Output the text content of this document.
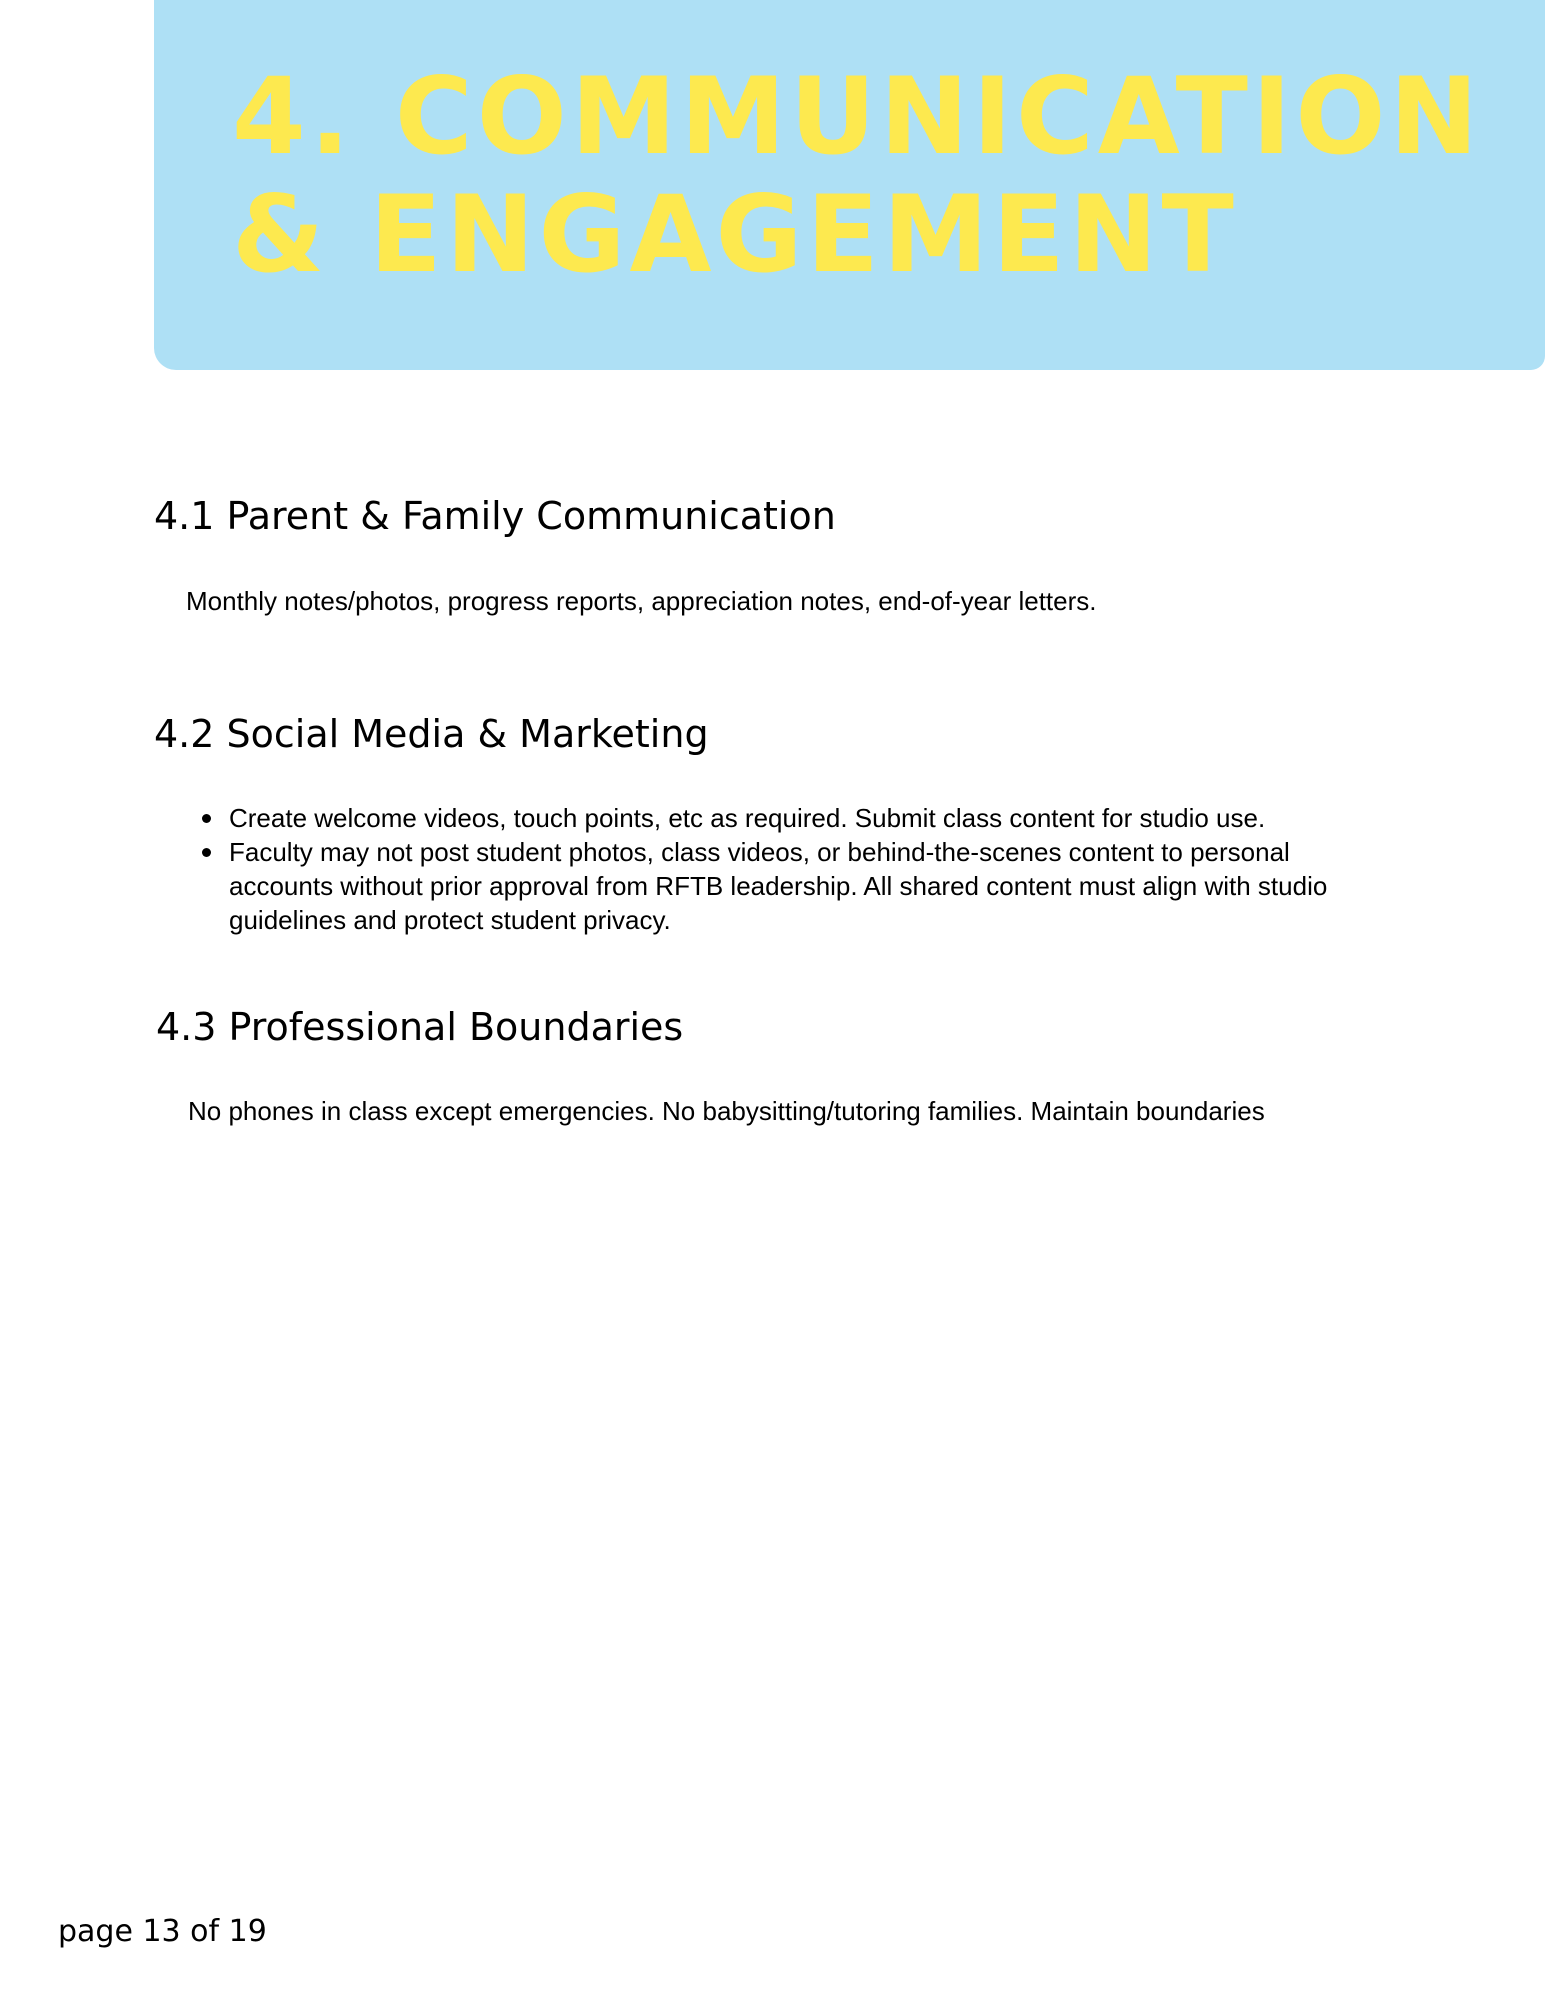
4. COMMUNICATION & ENGAGEMENT
4.1 Parent & Family Communication

Monthly notes/photos, progress reports, appreciation notes, end-of-year letters.

4.2 Social Media & Marketing
Create welcome videos, touch points, etc as required. Submit class content for studio use.
Faculty may not post student photos, class videos, or behind-the-scenes content to personal accounts without prior approval from RFTB leadership. All shared content must align with studio guidelines and protect student privacy.
4.3 Professional Boundaries

No phones in class except emergencies. No babysitting/tutoring families. Maintain boundaries

page 13 of 19
